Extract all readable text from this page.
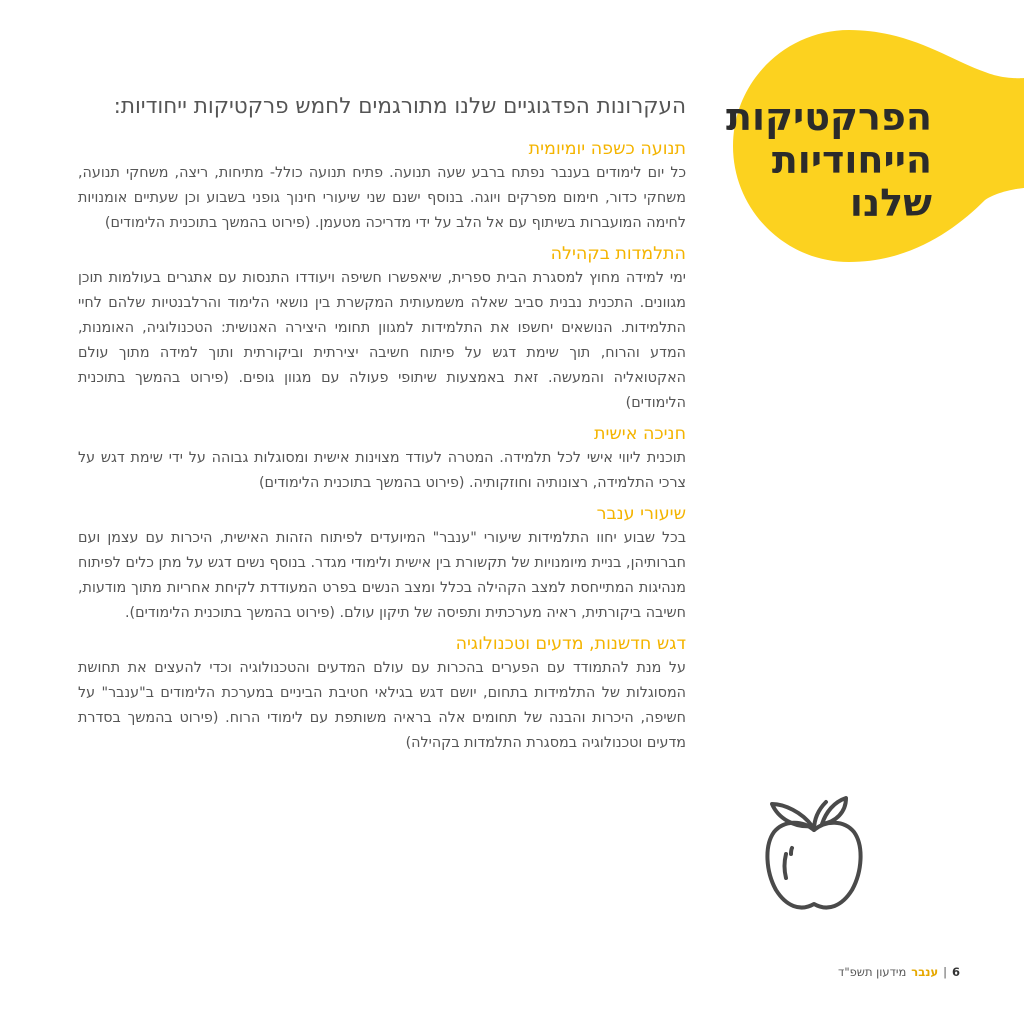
הפרקטיקות הייחודיות שלנו
העקרונות הפדגוגיים שלנו מתורגמים לחמש פרקטיקות ייחודיות:
תנועה כשפה יומיומית

כל יום לימודים בענבר נפתח ברבע שעה תנועה. פתיח תנועה כולל- מתיחות, ריצה, משחקי תנועה, משחקי כדור, חימום מפרקים ויוגה. בנוסף ישנם שני שיעורי חינוך גופני בשבוע וכן שעתיים אומנויות לחימה המועברות בשיתוף עם אל הלב על ידי מדריכה מטעמן. (פירוט בהמשך בתוכנית הלימודים)

התלמדות בקהילה

ימי למידה מחוץ למסגרת הבית ספרית, שיאפשרו חשיפה ויעודדו התנסות עם אתגרים בעולמות תוכן מגוונים. התכנית נבנית סביב שאלה משמעותית המקשרת בין נושאי הלימוד והרלבנטיות שלהם לחיי התלמידות. הנושאים יחשפו את התלמידות למגוון תחומי היצירה האנושית: הטכנולוגיה, האומנות, המדע והרוח, תוך שימת דגש על פיתוח חשיבה יצירתית וביקורתית ותוך למידה מתוך עולם האקטואליה והמעשה. זאת באמצעות שיתופי פעולה עם מגוון גופים. (פירוט בהמשך בתוכנית הלימודים)

חניכה אישית

תוכנית ליווי אישי לכל תלמידה. המטרה לעודד מצוינות אישית ומסוגלות גבוהה על ידי שימת דגש על צרכי התלמידה, רצונותיה וחוזקותיה. (פירוט בהמשך בתוכנית הלימודים)

שיעורי ענבר

בכל שבוע יחוו התלמידות שיעורי "ענבר" המיועדים לפיתוח הזהות האישית, היכרות עם עצמן ועם חברותיהן, בניית מיומנויות של תקשורת בין אישית ולימודי מגדר. בנוסף נשים דגש על מתן כלים לפיתוח מנהיגות המתייחסת למצב הקהילה בכלל ומצב הנשים בפרט המעודדת לקיחת אחריות מתוך מודעות, חשיבה ביקורתית, ראיה מערכתית ותפיסה של תיקון עולם. (פירוט בהמשך בתוכנית הלימודים).

דגש חדשנות, מדעים וטכנולוגיה

על מנת להתמודד עם הפערים בהכרות עם עולם המדעים והטכנולוגיה וכדי להעצים את תחושת המסוגלות של התלמידות בתחום, יושם דגש בגילאי חטיבת הביניים במערכת הלימודים ב"ענבר" על חשיפה, היכרות והבנה של תחומים אלה בראיה משותפת עם לימודי הרוח. (פירוט בהמשך בסדרת מדעים וטכנולוגיה במסגרת התלמדות בקהילה)

6
|
ענבר
מידעון תשפ"ד
